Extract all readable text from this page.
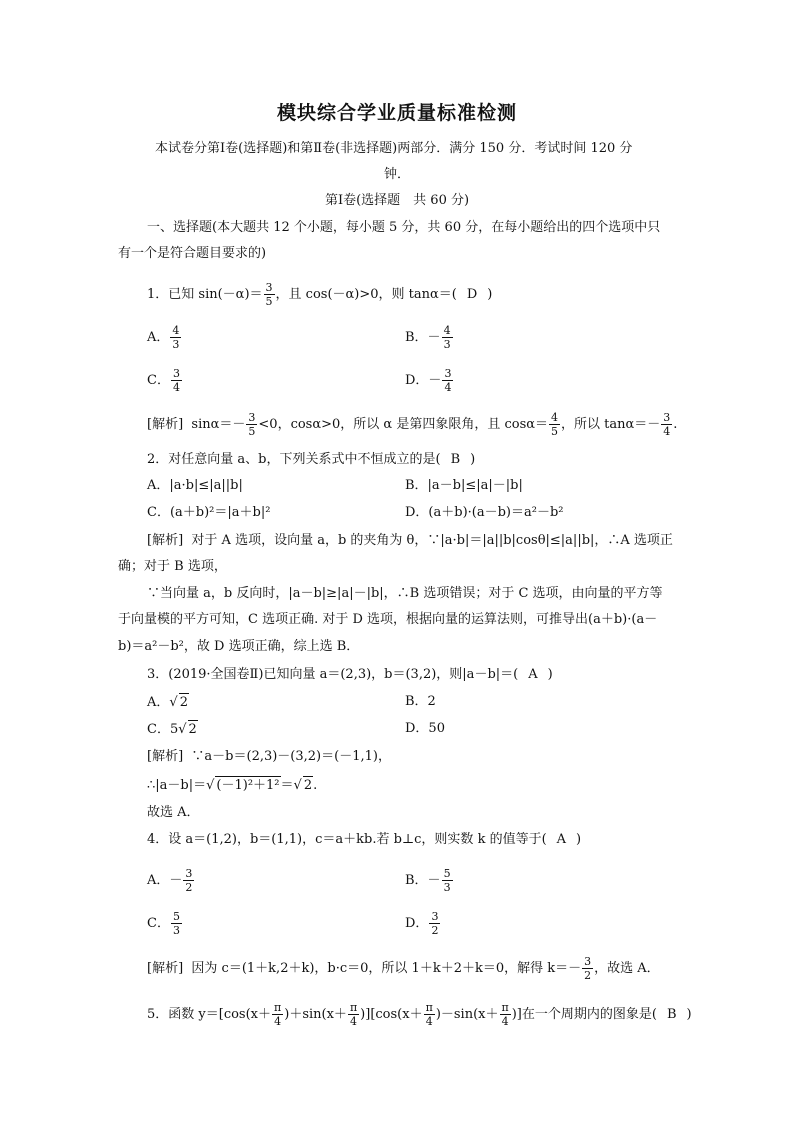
模块综合学业质量标准检测
本试卷分第Ⅰ卷(选择题)和第Ⅱ卷(非选择题)两部分．满分 150 分．考试时间 120 分
钟．
第Ⅰ卷(选择题　共 60 分)
一、选择题(本大题共 12 个小题，每小题 5 分，共 60 分，在每小题给出的四个选项中只
有一个是符合题目要求的)
1．已知 $\sin(-\alpha)= \frac{3}{5}$ ，且 cos(－α)>0，则 tanα＝( D )
A． $\frac{4}{3}$	B．－ $\frac{4}{3}$
C． $\frac{3}{4}$	D．－ $\frac{3}{4}$
[解析] $\sin\alpha=- \frac{3}{5} <0$，cosα>0，所以 α 是第四象限角，且 $\cos\alpha= \frac{4}{5}$ ，所以 $\tan\alpha=- \frac{3}{4}$ .
2．对任意向量 a、b，下列关系式中不恒成立的是( B )
A．|a·b|≤|a||b|	B．|a－b|≤|a|－|b|
C．(a＋b)²＝|a＋b|²	D．(a＋b)·(a－b)＝a²－b²
[解析] 对于 A 选项，设向量 a，b 的夹角为 θ，∵|a·b|＝|a||b|cosθ|≤|a||b|，∴A 选项正
确；对于 B 选项，
∵当向量 a，b 反向时，|a－b|≥|a|－|b|，∴B 选项错误；对于 C 选项，由向量的平方等
于向量模的平方可知，C 选项正确. 对于 D 选项，根据向量的运算法则，可推导出(a＋b)·(a－
b)＝a²－b²，故 D 选项正确，综上选 B．
3．(2019·全国卷Ⅱ)已知向量 a＝(2,3)，b＝(3,2)，则|a－b|＝( A )
A．√ 2	B．2
C．5√ 2	D．50
[解析] ∵a－b＝(2,3)－(3,2)＝(－1,1)，
∴|a－b|＝√ (－1)²＋1²＝√ 2.
故选 A．
4．设 a＝(1,2)，b＝(1,1)，c＝a＋kb.若 b⊥c，则实数 k 的值等于( A )
A．－ $\frac{3}{2}$	B．－ $\frac{5}{3}$
C． $\frac{5}{3}$	D． $\frac{3}{2}$
[解析] 因为 c＝(1＋k,2＋k)，b·c＝0，所以 1＋k＋2＋k＝0，解得 $k=- \frac{3}{2}$ ，故选 A．
5．函数 $y=[\cos(x+ \frac{\pi}{4} )+\sin(x+ \frac{\pi}{4} )][\cos(x+ \frac{\pi}{4} )-\sin(x+ \frac{\pi}{4}$ )]在一个周期内的图象是( B )
